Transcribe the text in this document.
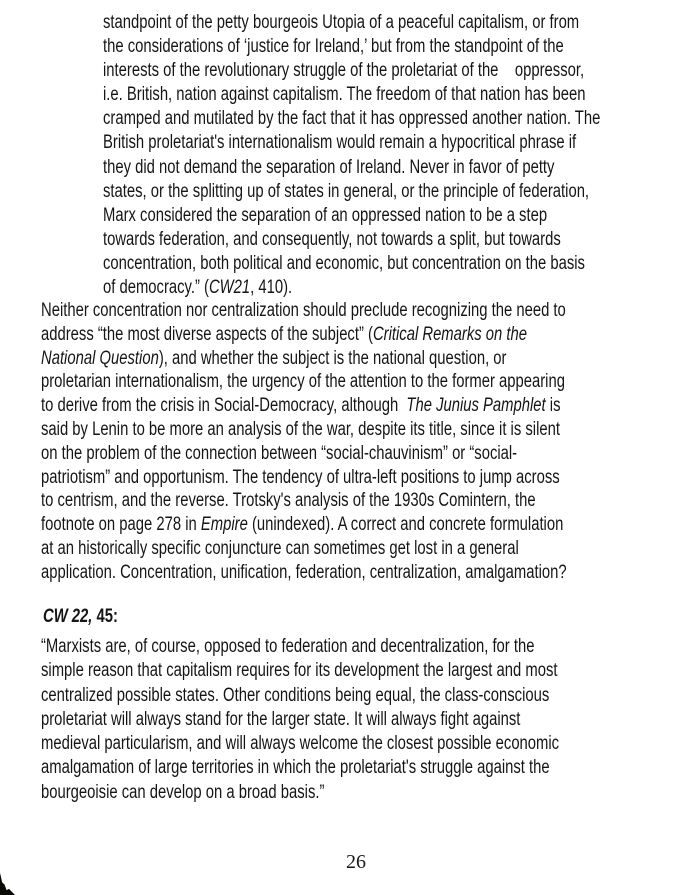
standpoint of the petty bourgeois Utopia of a peaceful capitalism, or from
the considerations of ‘justice for Ireland,’ but from the standpoint of the
interests of the revolutionary struggle of the proletariat of the    oppressor,
i.e. British, nation against capitalism. The freedom of that nation has been
cramped and mutilated by the fact that it has oppressed another nation. The
British proletariat's internationalism would remain a hypocritical phrase if
they did not demand the separation of Ireland. Never in favor of petty
states, or the splitting up of states in general, or the principle of federation,
Marx considered the separation of an oppressed nation to be a step
towards federation, and consequently, not towards a split, but towards
concentration, both political and economic, but concentration on the basis
of democracy.” (CW21, 410).
Neither concentration nor centralization should preclude recognizing the need to
address “the most diverse aspects of the subject” (Critical Remarks on the
National Question), and whether the subject is the national question, or
proletarian internationalism, the urgency of the attention to the former appearing
to derive from the crisis in Social-Democracy, although  The Junius Pamphlet is
said by Lenin to be more an analysis of the war, despite its title, since it is silent
on the problem of the connection between “social-chauvinism” or “social-
patriotism” and opportunism. The tendency of ultra-left positions to jump across
to centrism, and the reverse. Trotsky's analysis of the 1930s Comintern, the
footnote on page 278 in Empire (unindexed). A correct and concrete formulation
at an historically specific conjuncture can sometimes get lost in a general
application. Concentration, unification, federation, centralization, amalgamation?
CW 22, 45:
“Marxists are, of course, opposed to federation and decentralization, for the
simple reason that capitalism requires for its development the largest and most
centralized possible states. Other conditions being equal, the class-conscious
proletariat will always stand for the larger state. It will always fight against
medieval particularism, and will always welcome the closest possible economic
amalgamation of large territories in which the proletariat's struggle against the
bourgeoisie can develop on a broad basis.”
26
